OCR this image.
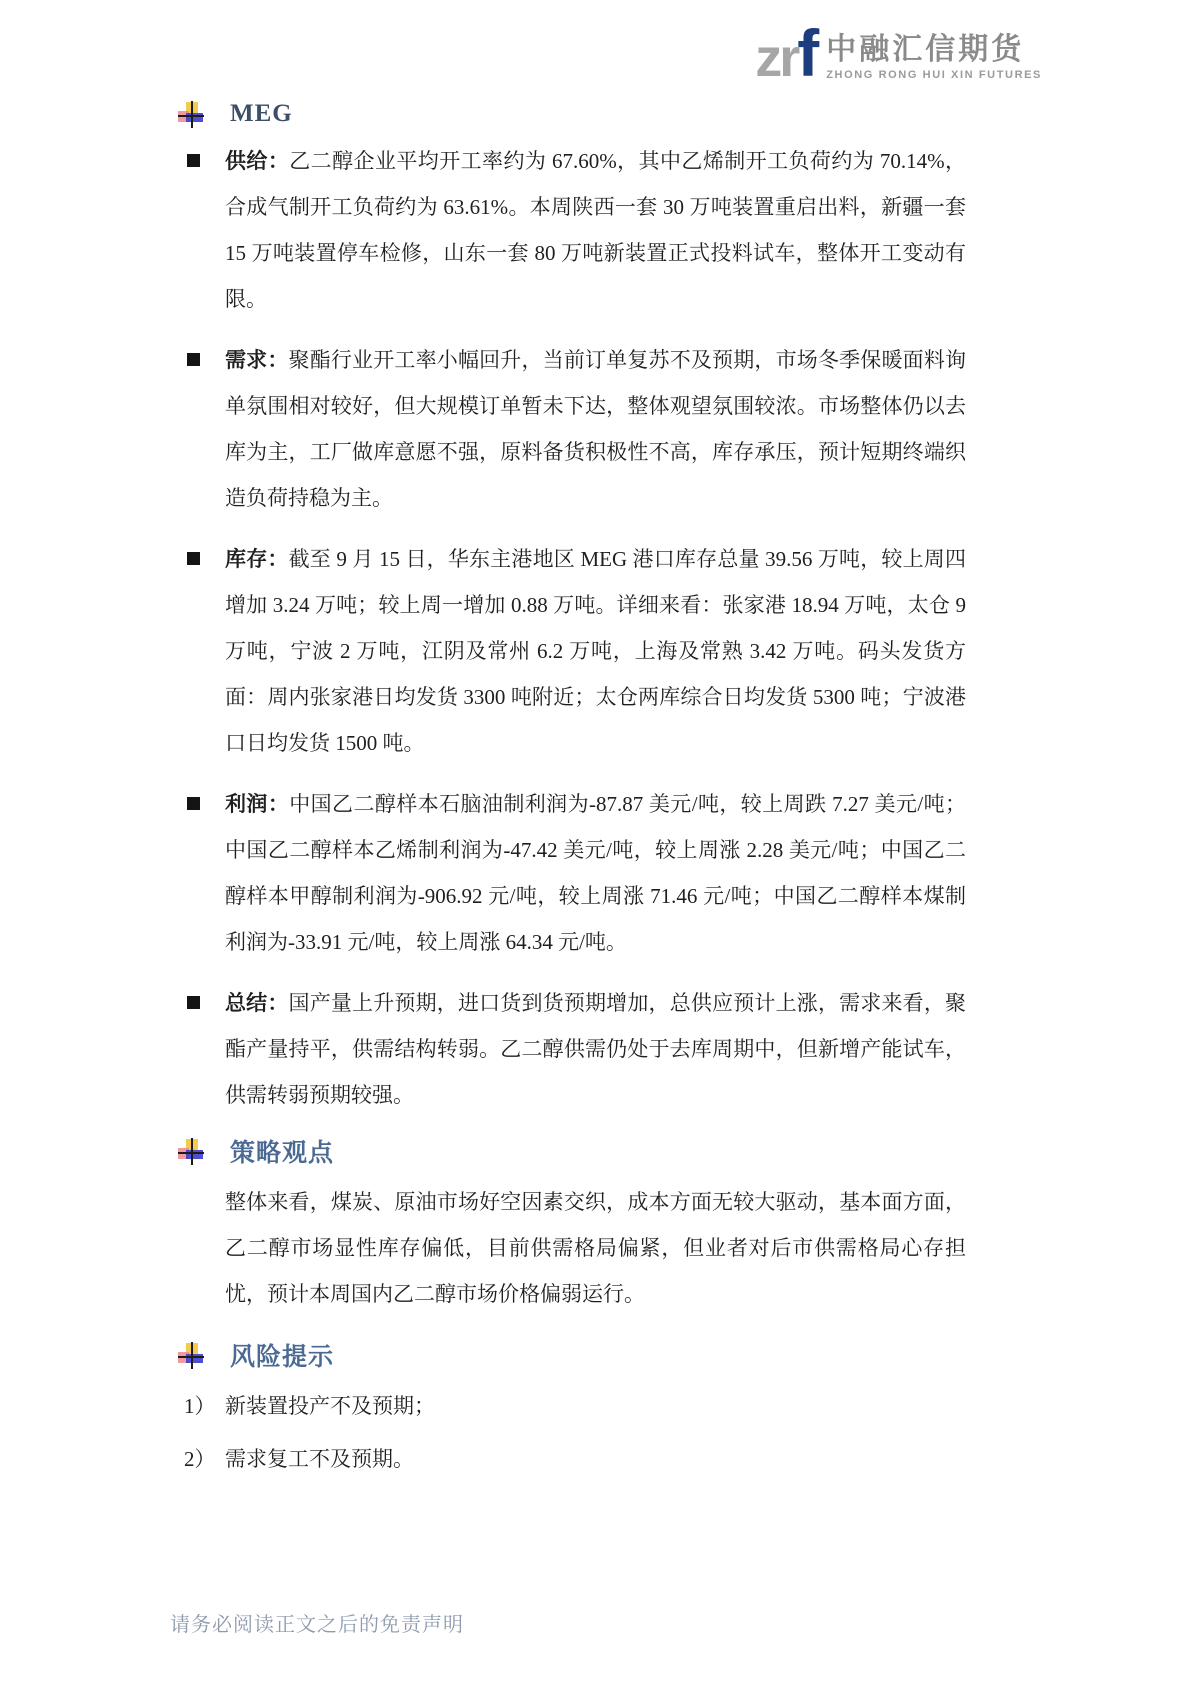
zrf 中融汇信期货
ZHONG RONG HUI XIN FUTURES
MEG
供给：乙二醇企业平均开工率约为 67.60%，其中乙烯制开工负荷约为 70.14%，合成气制开工负荷约为 63.61%。本周陕西一套 30 万吨装置重启出料，新疆一套 15 万吨装置停车检修，山东一套 80 万吨新装置正式投料试车，整体开工变动有限。
需求：聚酯行业开工率小幅回升，当前订单复苏不及预期，市场冬季保暖面料询单氛围相对较好，但大规模订单暂未下达，整体观望氛围较浓。市场整体仍以去库为主，工厂做库意愿不强，原料备货积极性不高，库存承压，预计短期终端织造负荷持稳为主。
库存：截至 9 月 15 日，华东主港地区 MEG 港口库存总量 39.56 万吨，较上周四增加 3.24 万吨；较上周一增加 0.88 万吨。详细来看：张家港 18.94 万吨，太仓 9 万吨，宁波 2 万吨，江阴及常州 6.2 万吨，上海及常熟 3.42 万吨。码头发货方面：周内张家港日均发货 3300 吨附近；太仓两库综合日均发货 5300 吨；宁波港口日均发货 1500 吨。
利润：中国乙二醇样本石脑油制利润为-87.87 美元/吨，较上周跌 7.27 美元/吨；中国乙二醇样本乙烯制利润为-47.42 美元/吨，较上周涨 2.28 美元/吨；中国乙二醇样本甲醇制利润为-906.92 元/吨，较上周涨 71.46 元/吨；中国乙二醇样本煤制利润为-33.91 元/吨，较上周涨 64.34 元/吨。
总结：国产量上升预期，进口货到货预期增加，总供应预计上涨，需求来看，聚酯产量持平，供需结构转弱。乙二醇供需仍处于去库周期中，但新增产能试车，供需转弱预期较强。
策略观点
整体来看，煤炭、原油市场好空因素交织，成本方面无较大驱动，基本面方面，乙二醇市场显性库存偏低，目前供需格局偏紧，但业者对后市供需格局心存担忧，预计本周国内乙二醇市场价格偏弱运行。
风险提示
1） 新装置投产不及预期；
2） 需求复工不及预期。
请务必阅读正文之后的免责声明
